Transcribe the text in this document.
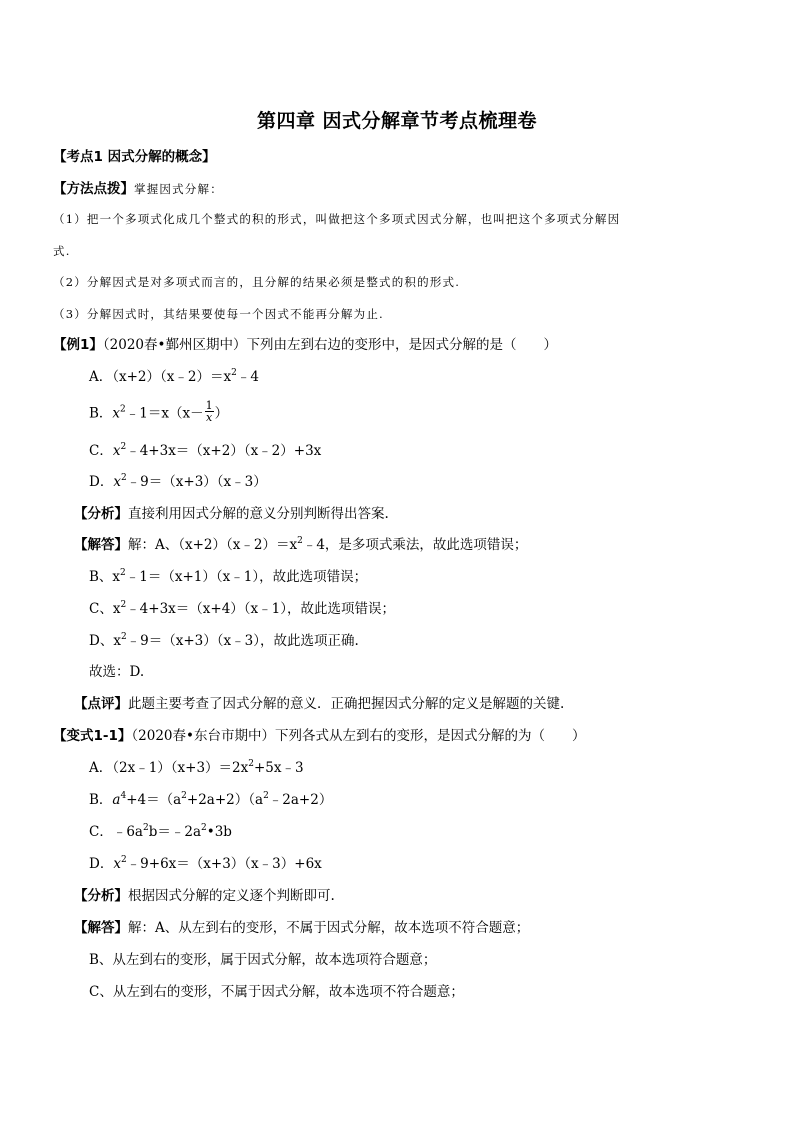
第四章 因式分解章节考点梳理卷
【考点1 因式分解的概念】
【方法点拨】掌握因式分解：
（1）把一个多项式化成几个整式的积的形式，叫做把这个多项式因式分解，也叫把这个多项式分解因
式.
（2）分解因式是对多项式而言的，且分解的结果必须是整式的积的形式.
（3）分解因式时，其结果要使每一个因式不能再分解为止.
【例1】（2020春•鄞州区期中）下列由左到右边的变形中，是因式分解的是（　　）
A．$(x+2)(x﹣2)=x^2﹣4$
B．$x^2﹣1=x(x- \frac{1}{x}$ ）
C．$x^2﹣4+3x=(x+2)(x﹣2)+3x$
D．$x^2﹣9=(x+3)(x﹣3)$
【分析】直接利用因式分解的意义分别判断得出答案.
【解答】解：A、$(x+2)(x﹣2)=x^2﹣4$，是多项式乘法，故此选项错误；
B、$x^2﹣1=(x+1)(x﹣1)$，故此选项错误；
C、$x^2﹣4+3x=(x+4)(x﹣1)$，故此选项错误；
D、$x^2﹣9=(x+3)(x﹣3)$，故此选项正确.
故选：D.
【点评】此题主要考查了因式分解的意义．正确把握因式分解的定义是解题的关键.
【变式1-1】（2020春•东台市期中）下列各式从左到右的变形，是因式分解的为（　　）
A．$(2x﹣1)(x+3)=2x^2+5x﹣3$
B．$a^4+4=(a^2+2a+2)(a^2﹣2a+2)$
C．$﹣6a^2b=﹣2a^2•3b$
D．$x^2﹣9+6x=(x+3)(x﹣3)+6x$
【分析】根据因式分解的定义逐个判断即可.
【解答】解：A、从左到右的变形，不属于因式分解，故本选项不符合题意；
B、从左到右的变形，属于因式分解，故本选项符合题意；
C、从左到右的变形，不属于因式分解，故本选项不符合题意；
